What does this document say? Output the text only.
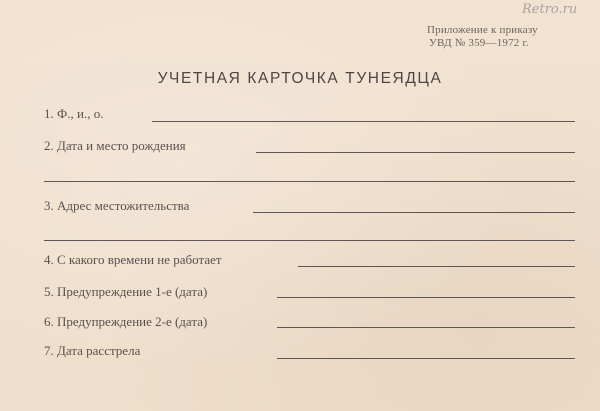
Retro.ru
Приложение к приказу
УВД № 359—1972 г.
УЧЕТНАЯ КАРТОЧКА ТУНЕЯДЦА
1. Ф., и., о.
2. Дата и место рождения
3. Адрес местожительства
4. С какого времени не работает
5. Предупреждение 1-е (дата)
6. Предупреждение 2-е (дата)
7. Дата расстрела
